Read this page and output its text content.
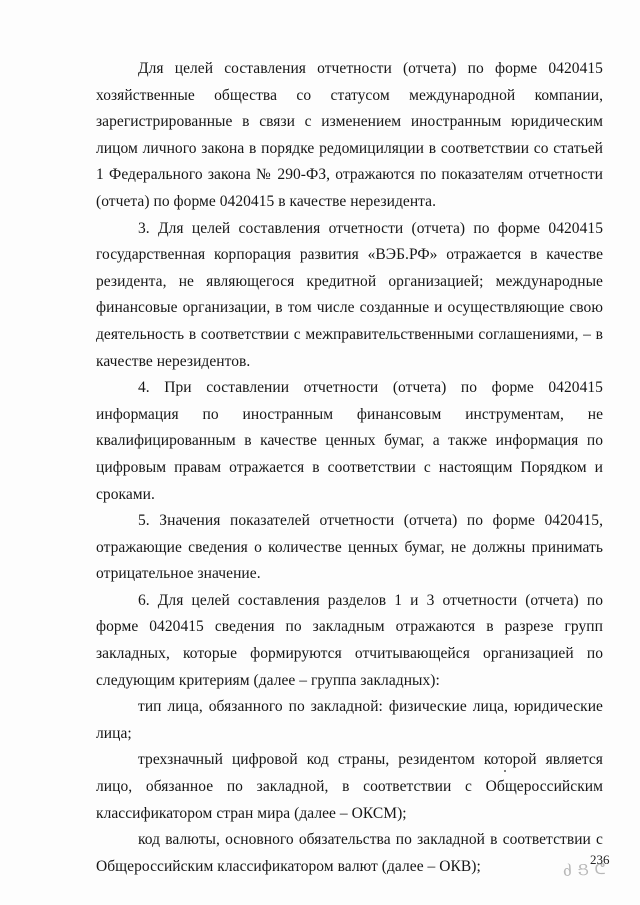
Для целей составления отчетности (отчета) по форме 0420415 хозяйственные общества со статусом международной компании, зарегистрированные в связи с изменением иностранным юридическим лицом личного закона в порядке редомициляции в соответствии со статьей 1 Федерального закона № 290-ФЗ, отражаются по показателям отчетности (отчета) по форме 0420415 в качестве нерезидента.

3. Для целей составления отчетности (отчета) по форме 0420415 государственная корпорация развития «ВЭБ.РФ» отражается в качестве резидента, не являющегося кредитной организацией; международные финансовые организации, в том числе созданные и осуществляющие свою деятельность в соответствии с межправительственными соглашениями, – в качестве нерезидентов.

4. При составлении отчетности (отчета) по форме 0420415 информация по иностранным финансовым инструментам, не квалифицированным в качестве ценных бумаг, а также информация по цифровым правам отражается в соответствии с настоящим Порядком и сроками.

5. Значения показателей отчетности (отчета) по форме 0420415, отражающие сведения о количестве ценных бумаг, не должны принимать отрицательное значение.

6. Для целей составления разделов 1 и 3 отчетности (отчета) по форме 0420415 сведения по закладным отражаются в разрезе групп закладных, которые формируются отчитывающейся организацией по следующим критериям (далее – группа закладных):

тип лица, обязанного по закладной: физические лица, юридические лица;

трехзначный цифровой код страны, резидентом которой является лицо, обязанное по закладной, в соответствии с Общероссийским классификатором стран мира (далее – ОКСМ);

код валюты, основного обязательства по закладной в соответствии с Общероссийским классификатором валют (далее – ОКВ);	ძ Ց ᕦ
236
